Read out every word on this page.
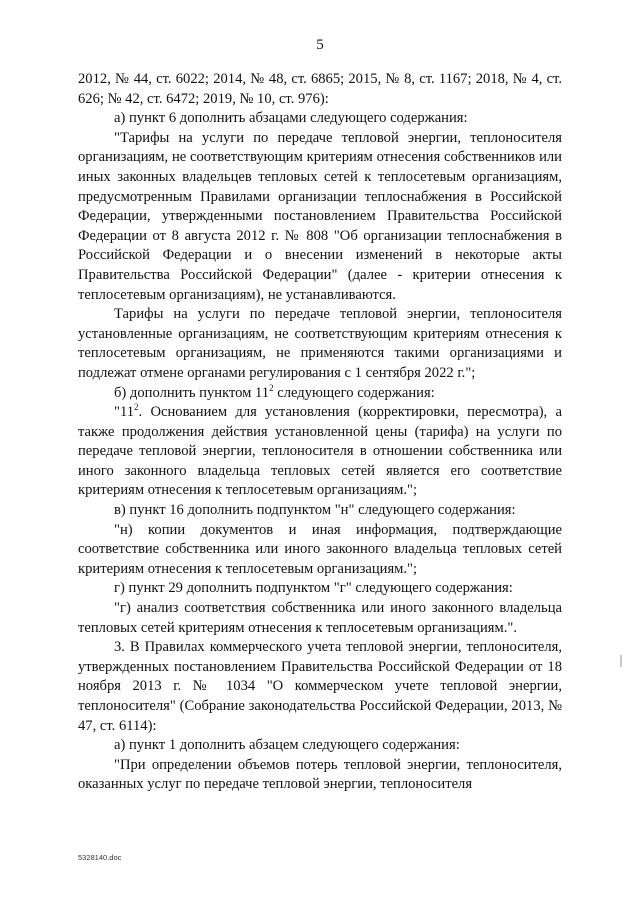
5

2012, № 44, ст. 6022; 2014, № 48, ст. 6865; 2015, № 8, ст. 1167; 2018, № 4, ст. 626; № 42, ст. 6472; 2019, № 10, ст. 976):

а) пункт 6 дополнить абзацами следующего содержания:

"Тарифы на услуги по передаче тепловой энергии, теплоносителя организациям, не соответствующим критериям отнесения собственников или иных законных владельцев тепловых сетей к теплосетевым организациям, предусмотренным Правилами организации теплоснабжения в Российской Федерации, утвержденными постановлением Правительства Российской Федерации от 8 августа 2012 г. № 808 "Об организации теплоснабжения в Российской Федерации и о внесении изменений в некоторые акты Правительства Российской Федерации" (далее - критерии отнесения к теплосетевым организациям), не устанавливаются.

Тарифы на услуги по передаче тепловой энергии, теплоносителя установленные организациям, не соответствующим критериям отнесения к теплосетевым организациям, не применяются такими организациями и подлежат отмене органами регулирования с 1 сентября 2022 г.";

б) дополнить пунктом $11^2$ следующего содержания:

"$11^2$. Основанием для установления (корректировки, пересмотра), а также продолжения действия установленной цены (тарифа) на услуги по передаче тепловой энергии, теплоносителя в отношении собственника или иного законного владельца тепловых сетей является его соответствие критериям отнесения к теплосетевым организациям.";

в) пункт 16 дополнить подпунктом "н" следующего содержания:

"н) копии документов и иная информация, подтверждающие соответствие собственника или иного законного владельца тепловых сетей критериям отнесения к теплосетевым организациям.";

г) пункт 29 дополнить подпунктом "г" следующего содержания:

"г) анализ соответствия собственника или иного законного владельца тепловых сетей критериям отнесения к теплосетевым организациям.".

3. В Правилах коммерческого учета тепловой энергии, теплоносителя, утвержденных постановлением Правительства Российской Федерации от 18 ноября 2013 г. № 1034 "О коммерческом учете тепловой энергии, теплоносителя" (Собрание законодательства Российской Федерации, 2013, № 47, ст. 6114):

а) пункт 1 дополнить абзацем следующего содержания:

"При определении объемов потерь тепловой энергии, теплоносителя, оказанных услуг по передаче тепловой энергии, теплоносителя

5328140.doc
